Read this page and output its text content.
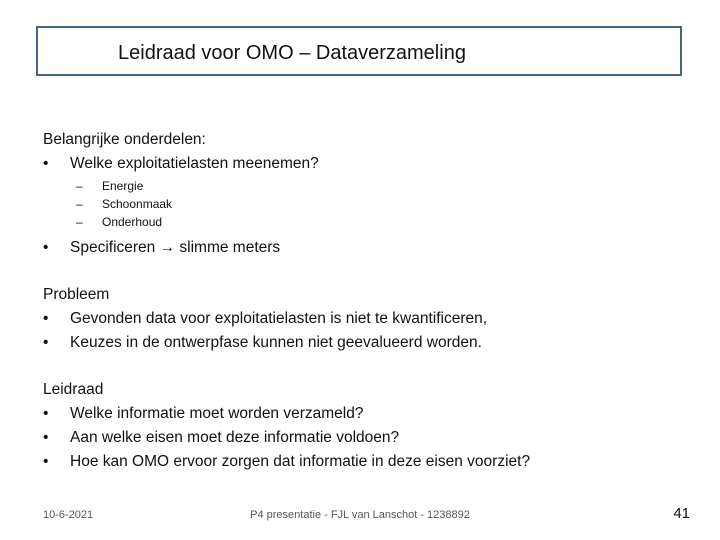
Leidraad voor OMO – Dataverzameling
Belangrijke onderdelen:
•	Welke exploitatielasten meenemen?
– Energie
– Schoonmaak
– Onderhoud
•	Specificeren → slimme meters
Probleem
•	Gevonden data voor exploitatielasten is niet te kwantificeren,
•	Keuzes in de ontwerpfase kunnen niet geevalueerd worden.
Leidraad
•	Welke informatie moet worden verzameld?
•	Aan welke eisen moet deze informatie voldoen?
•	Hoe kan OMO ervoor zorgen dat informatie in deze eisen voorziet?
10-6-2021	P4 presentatie - FJL van Lanschot - 1238892	41
